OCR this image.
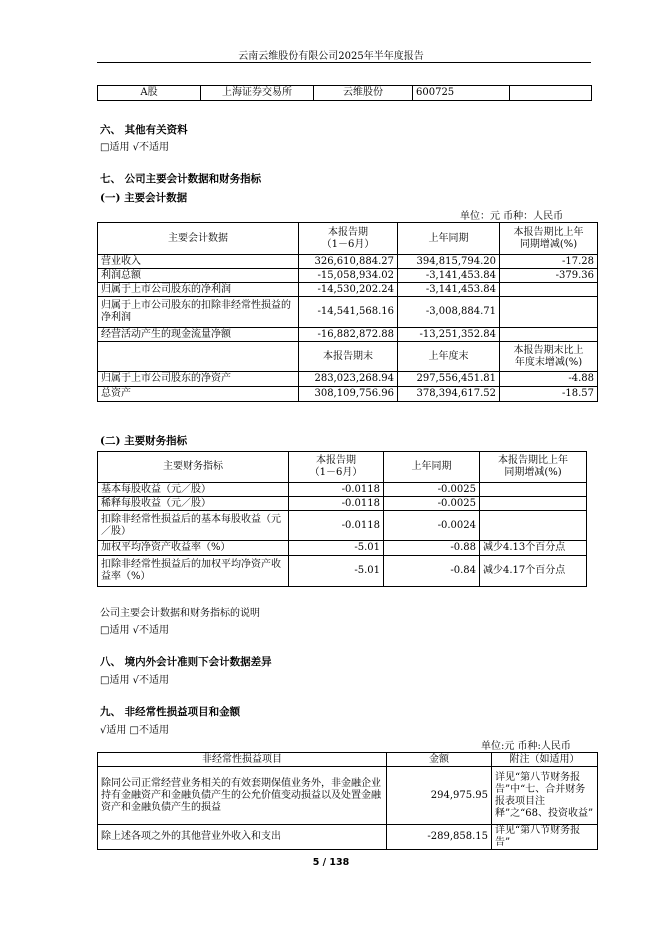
云南云维股份有限公司2025年半年度报告
A股	上海证券交易所	云维股份	600725	
六、 其他有关资料
□适用 √不适用
七、 公司主要会计数据和财务指标
(一) 主要会计数据
单位：元 币种：人民币
主要会计数据	本报告期
（1－6月）	上年同期	本报告期比上年
同期增减(%)
营业收入	326,610,884.27	394,815,794.20	-17.28
利润总额	-15,058,934.02	-3,141,453.84	-379.36
归属于上市公司股东的净利润	-14,530,202.24	-3,141,453.84	
归属于上市公司股东的扣除非经常性损益的净利润	-14,541,568.16	-3,008,884.71	
经营活动产生的现金流量净额	-16,882,872.88	-13,251,352.84	
	本报告期末	上年度末	本报告期末比上
年度末增减(%)
归属于上市公司股东的净资产	283,023,268.94	297,556,451.81	-4.88
总资产	308,109,756.96	378,394,617.52	-18.57
(二) 主要财务指标
主要财务指标	本报告期
（1－6月）	上年同期	本报告期比上年
同期增减(%)
基本每股收益（元／股）	-0.0118	-0.0025	
稀释每股收益（元／股）	-0.0118	-0.0025	
扣除非经常性损益后的基本每股收益（元／股）	-0.0118	-0.0024	
加权平均净资产收益率（%）	-5.01	-0.88	减少4.13个百分点
扣除非经常性损益后的加权平均净资产收益率（%）	-5.01	-0.84	减少4.17个百分点
公司主要会计数据和财务指标的说明
□适用 √不适用
八、 境内外会计准则下会计数据差异
□适用 √不适用
九、 非经常性损益项目和金额
√适用 □不适用
单位:元 币种:人民币
非经常性损益项目	金额	附注（如适用）
除同公司正常经营业务相关的有效套期保值业务外，非金融企业持有金融资产和金融负债产生的公允价值变动损益以及处置金融资产和金融负债产生的损益	294,975.95	详见“第八节财务报告”中“七、合并财务报表项目注释”之“68、投资收益”
除上述各项之外的其他营业外收入和支出	-289,858.15	详见“第八节财务报告”
5 / 138
